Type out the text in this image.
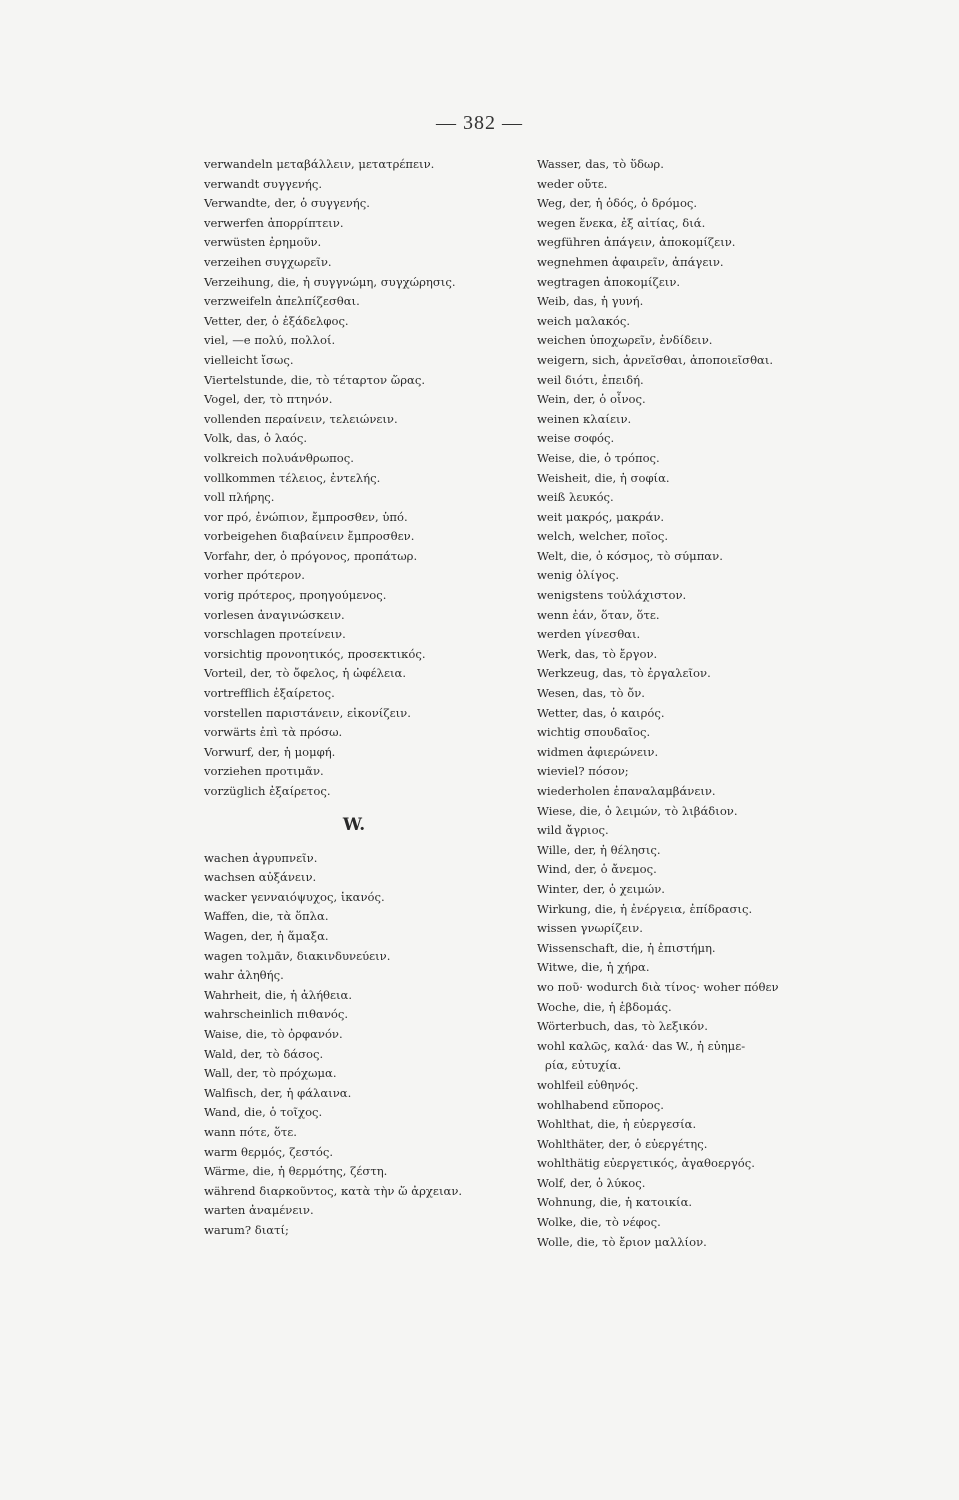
— 382 —
verwandeln μεταβάλλειν, μετατρέπειν.
verwandt συγγενής.
Verwandte, der, ὁ συγγενής.
verwerfen ἀπορρίπτειν.
verwüsten ἐρημοῦν.
verzeihen συγχωρεῖν.
Verzeihung, die, ἡ συγγνώμη, συγχώρησις.
verzweifeln ἀπελπίζεσθαι.
Vetter, der, ὁ ἐξάδελφος.
viel, —e πολύ, πολλοί.
vielleicht ἴσως.
Viertelstunde, die, τὸ τέταρτον ὥρας.
Vogel, der, τὸ πτηνόν.
vollenden περαίνειν, τελειώνειν.
Volk, das, ὁ λαός.
volkreich πολυάνθρωπος.
vollkommen τέλειος, ἐντελής.
voll πλήρης.
vor πρό, ἐνώπιον, ἔμπροσθεν, ὑπό.
vorbeigehen διαβαίνειν ἔμπροσθεν.
Vorfahr, der, ὁ πρόγονος, προπάτωρ.
vorher πρότερον.
vorig πρότερος, προηγούμενος.
vorlesen ἀναγινώσκειν.
vorschlagen προτείνειν.
vorsichtig προνοητικός, προσεκτικός.
Vorteil, der, τὸ ὄφελος, ἡ ὠφέλεια.
vortrefflich ἐξαίρετος.
vorstellen παριστάνειν, εἰκονίζειν.
vorwärts ἐπὶ τὰ πρόσω.
Vorwurf, der, ἡ μομφή.
vorziehen προτιμᾶν.
vorzüglich ἐξαίρετος.
W.
wachen ἀγρυπνεῖν.
wachsen αὐξάνειν.
wacker γενναιόψυχος, ἱκανός.
Waffen, die, τὰ ὅπλα.
Wagen, der, ἡ ἅμαξα.
wagen τολμᾶν, διακινδυνεύειν.
wahr ἀληθής.
Wahrheit, die, ἡ ἀλήθεια.
wahrscheinlich πιθανός.
Waise, die, τὸ ὀρφανόν.
Wald, der, τὸ δάσος.
Wall, der, τὸ πρόχωμα.
Walfisch, der, ἡ φάλαινα.
Wand, die, ὁ τοῖχος.
wann πότε, ὅτε.
warm θερμός, ζεστός.
Wärme, die, ἡ θερμότης, ζέστη.
während διαρκοῦντος, κατὰ τὴν ὥ ἀρχειαν.
warten ἀναμένειν.
warum? διατί;
Wasser, das, τὸ ὕδωρ.
weder οὔτε.
Weg, der, ἡ ὁδός, ὁ δρόμος.
wegen ἕνεκα, ἐξ αἰτίας, διά.
wegführen ἀπάγειν, ἀποκομίζειν.
wegnehmen ἀφαιρεῖν, ἀπάγειν.
wegtragen ἀποκομίζειν.
Weib, das, ἡ γυνή.
weich μαλακός.
weichen ὑποχωρεῖν, ἐνδίδειν.
weigern, sich, ἀρνεῖσθαι, ἀποποιεῖσθαι.
weil διότι, ἐπειδή.
Wein, der, ὁ οἶνος.
weinen κλαίειν.
weise σοφός.
Weise, die, ὁ τρόπος.
Weisheit, die, ἡ σοφία.
weiß λευκός.
weit μακρός, μακράν.
welch, welcher, ποῖος.
Welt, die, ὁ κόσμος, τὸ σύμπαν.
wenig ὀλίγος.
wenigstens τοὐλάχιστον.
wenn ἐάν, ὅταν, ὅτε.
werden γίνεσθαι.
Werk, das, τὸ ἔργον.
Werkzeug, das, τὸ ἐργαλεῖον.
Wesen, das, τὸ ὄν.
Wetter, das, ὁ καιρός.
wichtig σπουδαῖος.
widmen ἀφιερώνειν.
wieviel? πόσον;
wiederholen ἐπαναλαμβάνειν.
Wiese, die, ὁ λειμών, τὸ λιβάδιον.
wild ἄγριος.
Wille, der, ἡ θέλησις.
Wind, der, ὁ ἄνεμος.
Winter, der, ὁ χειμών.
Wirkung, die, ἡ ἐνέργεια, ἐπίδρασις.
wissen γνωρίζειν.
Wissenschaft, die, ἡ ἐπιστήμη.
Witwe, die, ἡ χήρα.
wo ποῦ· wodurch διὰ τίνος· woher πόθεν
Woche, die, ἡ ἑβδομάς.
Wörterbuch, das, τὸ λεξικόν.
wohl καλῶς, καλά· das W., ἡ εὐημε-
ρία, εὐτυχία.
wohlfeil εὐθηνός.
wohlhabend εὔπορος.
Wohlthat, die, ἡ εὐεργεσία.
Wohlthäter, der, ὁ εὐεργέτης.
wohlthätig εὐεργετικός, ἀγαθοεργός.
Wolf, der, ὁ λύκος.
Wohnung, die, ἡ κατοικία.
Wolke, die, τὸ νέφος.
Wolle, die, τὸ ἔριον μαλλίον.
